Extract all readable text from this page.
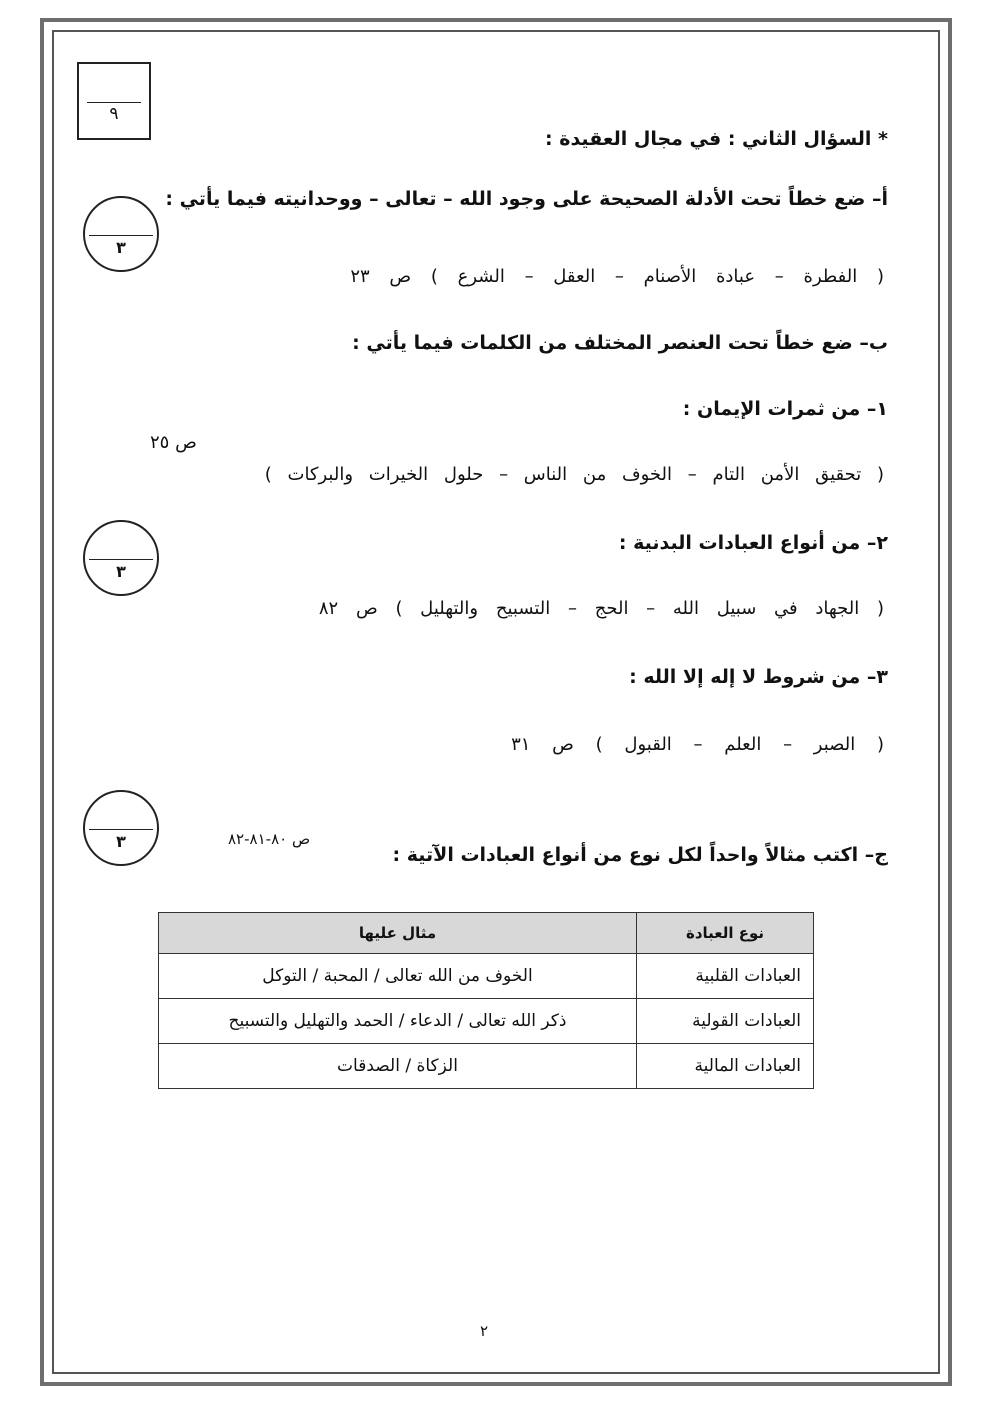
٩
* السؤال الثاني : في مجال العقيدة :
أ– ضع خطاً تحت الأدلة الصحيحة على وجود الله – تعالى – ووحدانيته فيما يأتي :
٣
( الفطرة – عبادة الأصنام – العقل – الشرع ) ص ٢٣
ب– ضع خطاً تحت العنصر المختلف من الكلمات فيما يأتي :
١– من ثمرات الإيمان :
ص ٢٥
( تحقيق الأمن التام – الخوف من الناس – حلول الخيرات والبركات )
٣
٢– من أنواع العبادات البدنية :
( الجهاد في سبيل الله – الحج – التسبيح والتهليل ) ص ٨٢
٣– من شروط لا إله إلا الله :
( الصبر – العلم – القبول ) ص ٣١
٣	ص ٨٠-٨١-٨٢
ج– اكتب مثالاً واحداً لكل نوع من أنواع العبادات الآتية :
نوع العبادة	مثال عليها
العبادات القلبية	الخوف من الله تعالى / المحبة / التوكل
العبادات القولية	ذكر الله تعالى / الدعاء / الحمد والتهليل والتسبيح
العبادات المالية	الزكاة / الصدقات
٢
